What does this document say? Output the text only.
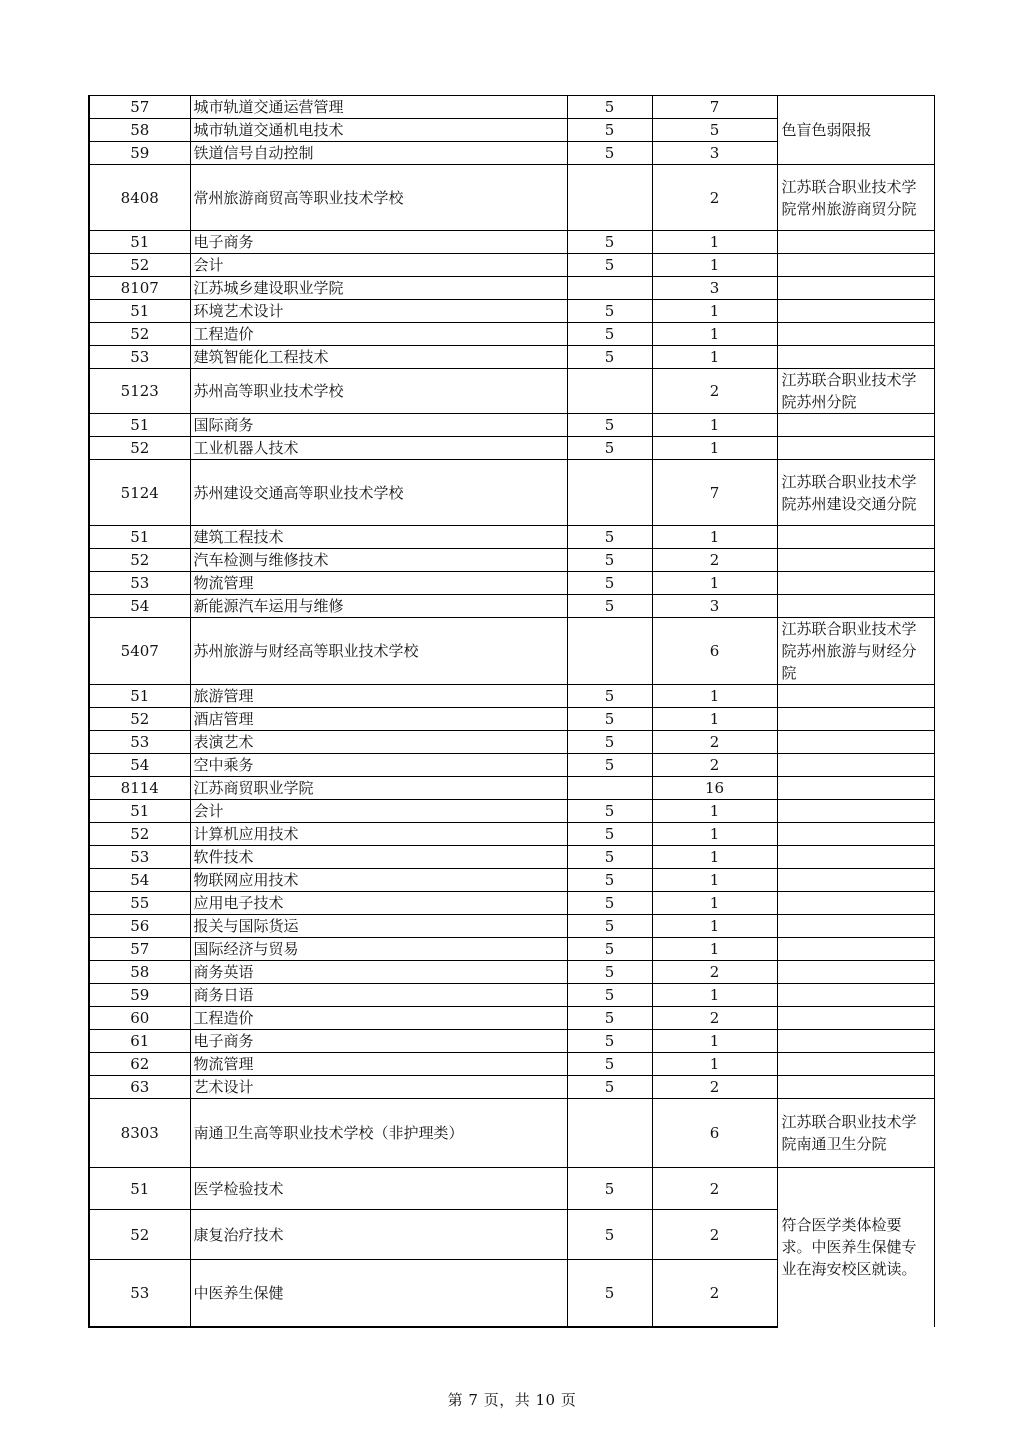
57	城市轨道交通运营管理	5	7	色盲色弱限报
58	城市轨道交通机电技术	5	5	
59	铁道信号自动控制	5	3	
8408	常州旅游商贸高等职业技术学校		2	江苏联合职业技术学院常州旅游商贸分院
51	电子商务	5	1	
52	会计	5	1	
8107	江苏城乡建设职业学院		3	
51	环境艺术设计	5	1	
52	工程造价	5	1	
53	建筑智能化工程技术	5	1	
5123	苏州高等职业技术学校		2	江苏联合职业技术学院苏州分院
51	国际商务	5	1	
52	工业机器人技术	5	1	
5124	苏州建设交通高等职业技术学校		7	江苏联合职业技术学院苏州建设交通分院
51	建筑工程技术	5	1	
52	汽车检测与维修技术	5	2	
53	物流管理	5	1	
54	新能源汽车运用与维修	5	3	
5407	苏州旅游与财经高等职业技术学校		6	江苏联合职业技术学院苏州旅游与财经分院
51	旅游管理	5	1	
52	酒店管理	5	1	
53	表演艺术	5	2	
54	空中乘务	5	2	
8114	江苏商贸职业学院		16	
51	会计	5	1	
52	计算机应用技术	5	1	
53	软件技术	5	1	
54	物联网应用技术	5	1	
55	应用电子技术	5	1	
56	报关与国际货运	5	1	
57	国际经济与贸易	5	1	
58	商务英语	5	2	
59	商务日语	5	1	
60	工程造价	5	2	
61	电子商务	5	1	
62	物流管理	5	1	
63	艺术设计	5	2	
8303	南通卫生高等职业技术学校（非护理类）		6	江苏联合职业技术学院南通卫生分院
51	医学检验技术	5	2	符合医学类体检要求。中医养生保健专业在海安校区就读。
52	康复治疗技术	5	2	
53	中医养生保健	5	2	
第 7 页，共 10 页
